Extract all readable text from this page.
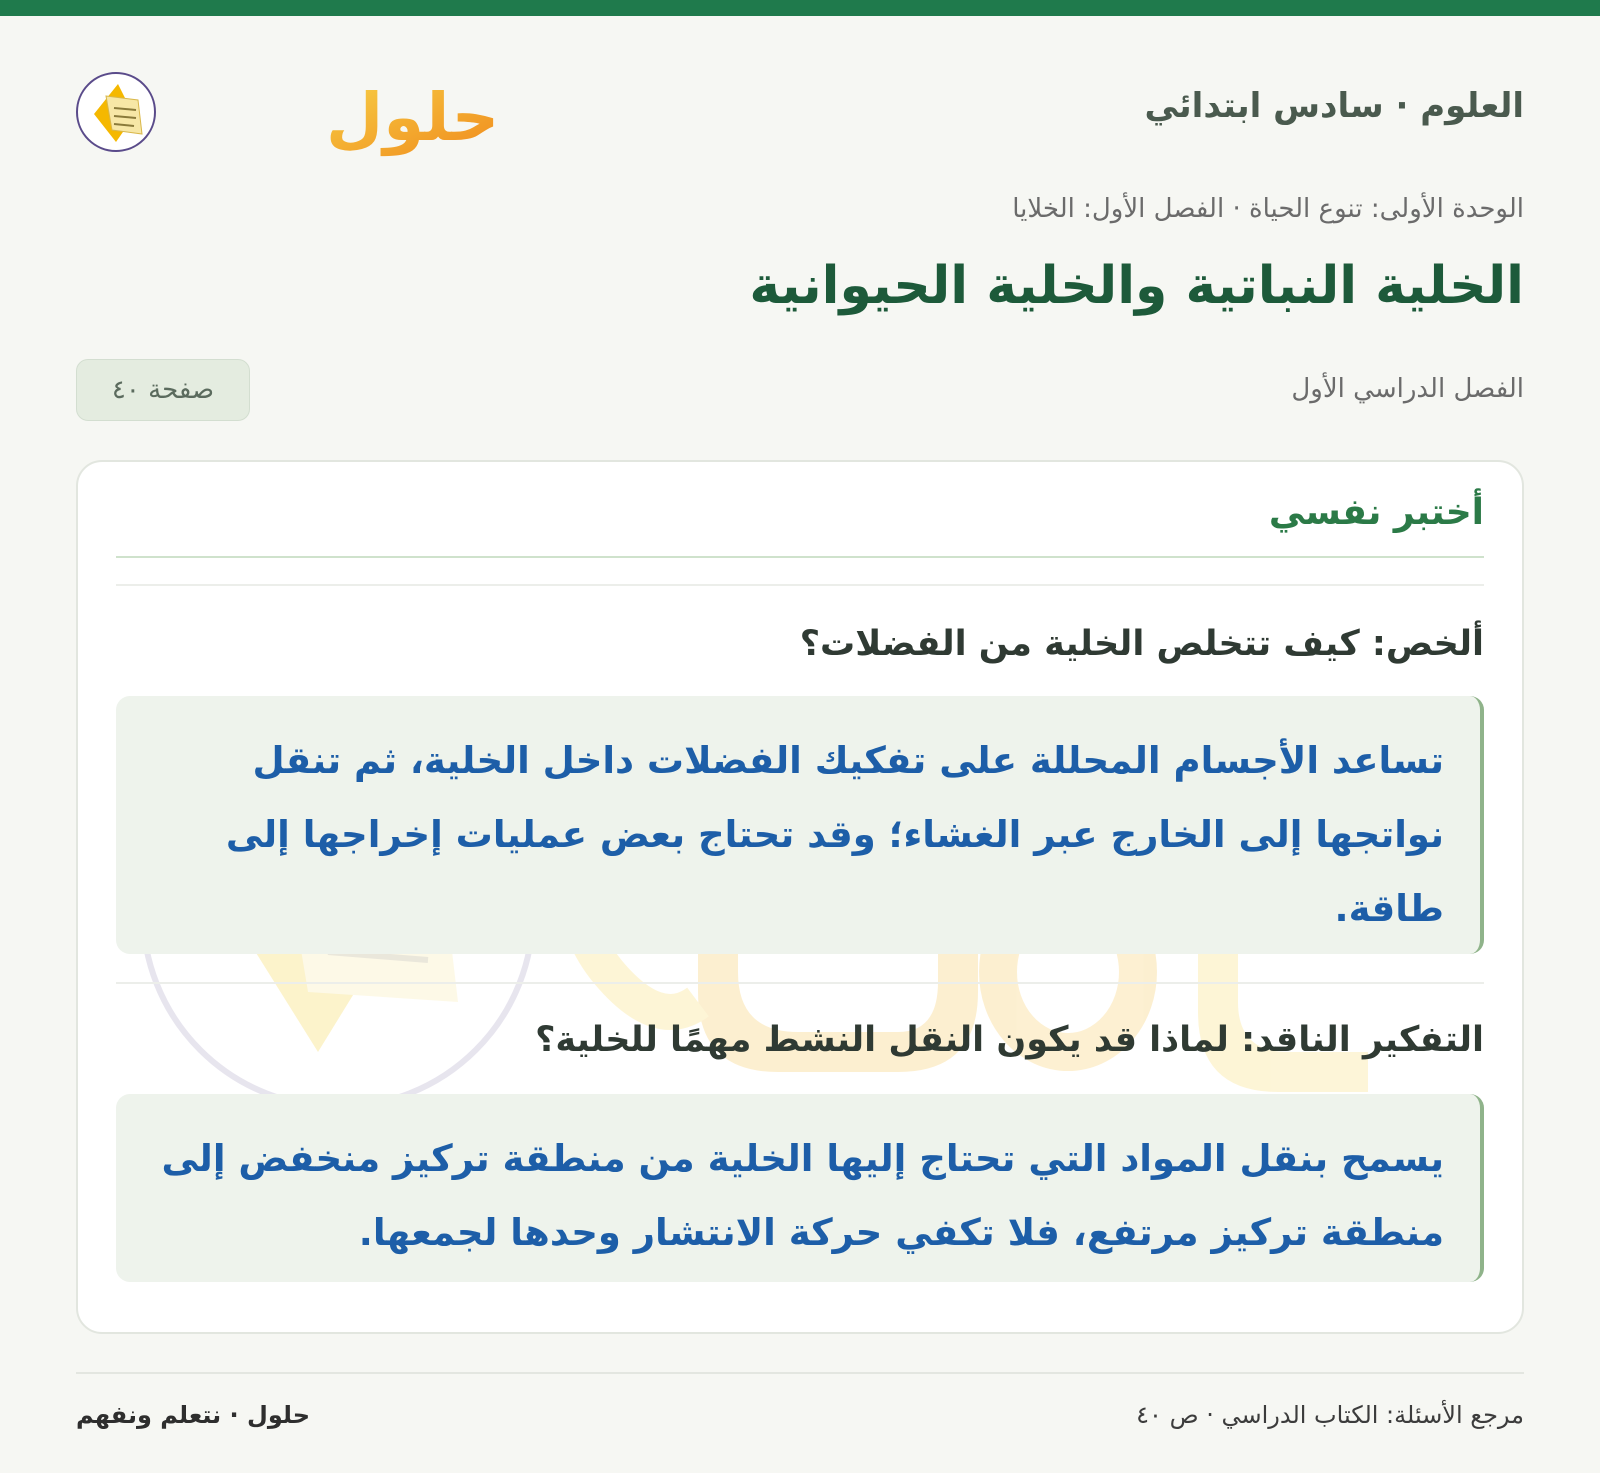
العلوم · سادس ابتدائي
حلول
الوحدة الأولى: تنوع الحياة · الفصل الأول: الخلايا
الخلية النباتية والخلية الحيوانية
الفصل الدراسي الأول
صفحة ٤٠
أختبر نفسي
ألخص: كيف تتخلص الخلية من الفضلات؟
تساعد الأجسام المحللة على تفكيك الفضلات داخل الخلية، ثم تنقل نواتجها إلى الخارج عبر الغشاء؛ وقد تحتاج بعض عمليات إخراجها إلى طاقة.
التفكير الناقد: لماذا قد يكون النقل النشط مهمًا للخلية؟
يسمح بنقل المواد التي تحتاج إليها الخلية من منطقة تركيز منخفض إلى منطقة تركيز مرتفع، فلا تكفي حركة الانتشار وحدها لجمعها.
مرجع الأسئلة: الكتاب الدراسي · ص ٤٠
حلول · نتعلم ونفهم
